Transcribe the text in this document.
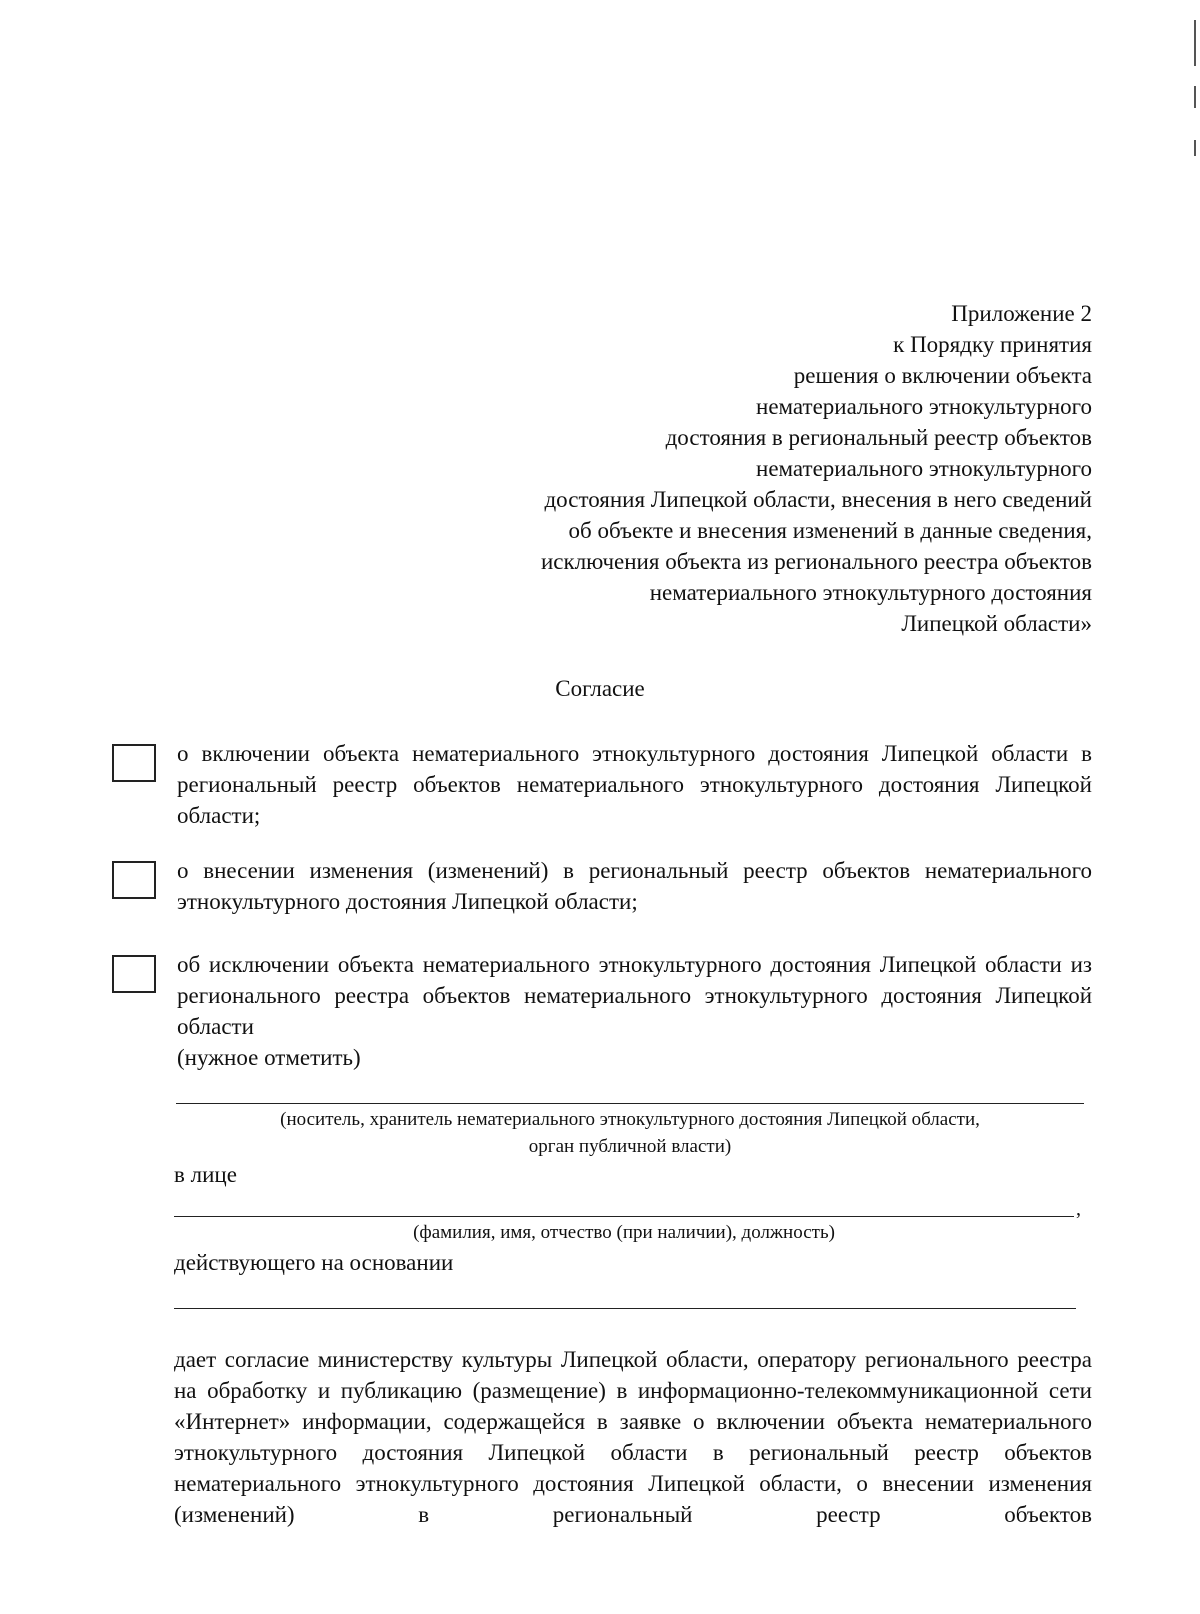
Приложение 2
к Порядку принятия
решения о включении объекта
нематериального этнокультурного
достояния в региональный реестр объектов
нематериального этнокультурного
достояния Липецкой области, внесения в него сведений
об объекте и внесения изменений в данные сведения,
исключения объекта из регионального реестра объектов
нематериального этнокультурного достояния
Липецкой области»
Согласие
о включении объекта нематериального этнокультурного достояния Липецкой области в региональный реестр объектов нематериального этнокультурного достояния Липецкой области;
о внесении изменения (изменений) в региональный реестр объектов нематериального этнокультурного достояния Липецкой области;
об исключении объекта нематериального этнокультурного достояния Липецкой области из регионального реестра объектов нематериального этнокультурного достояния Липецкой области
(нужное отметить)
(носитель, хранитель нематериального этнокультурного достояния Липецкой области,
орган публичной власти)
в лице
,
(фамилия, имя, отчество (при наличии), должность)
действующего на основании
дает согласие министерству культуры Липецкой области, оператору регионального реестра на обработку и публикацию (размещение) в информационно-телекоммуникационной сети «Интернет» информации, содержащейся в заявке о включении объекта нематериального этнокультурного достояния Липецкой области в региональный реестр объектов нематериального этнокультурного достояния Липецкой области, о внесении изменения (изменений) в региональный реестр объектов
